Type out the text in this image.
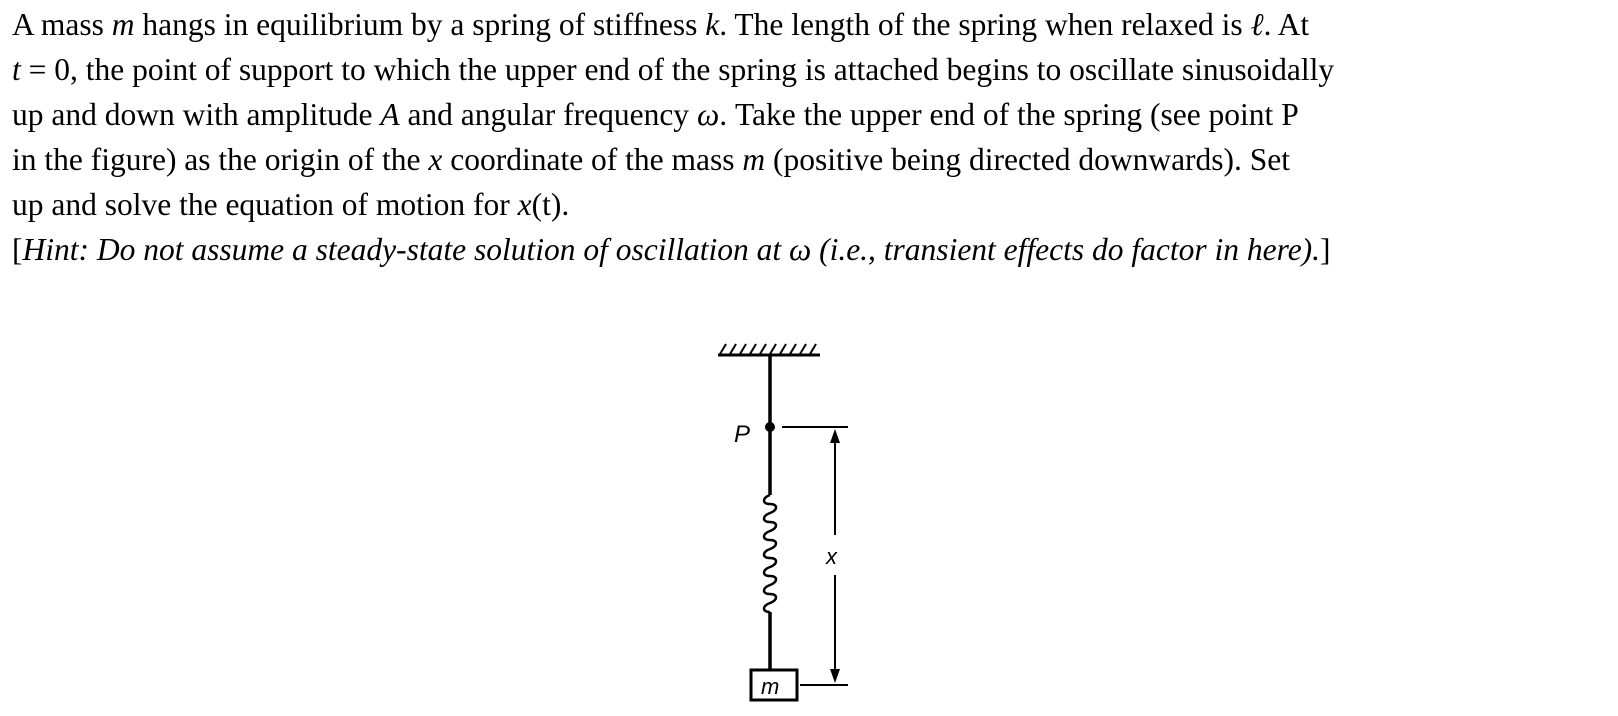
A mass m hangs in equilibrium by a spring of stiffness k. The length of the spring when relaxed is ℓ. At
t = 0, the point of support to which the upper end of the spring is attached begins to oscillate sinusoidally
up and down with amplitude A and angular frequency ω. Take the upper end of the spring (see point P
in the figure) as the origin of the x coordinate of the mass m (positive being directed downwards). Set
up and solve the equation of motion for x(t).

[Hint: Do not assume a steady-state solution of oscillation at ω (i.e., transient effects do factor in here).]

P
m
x
